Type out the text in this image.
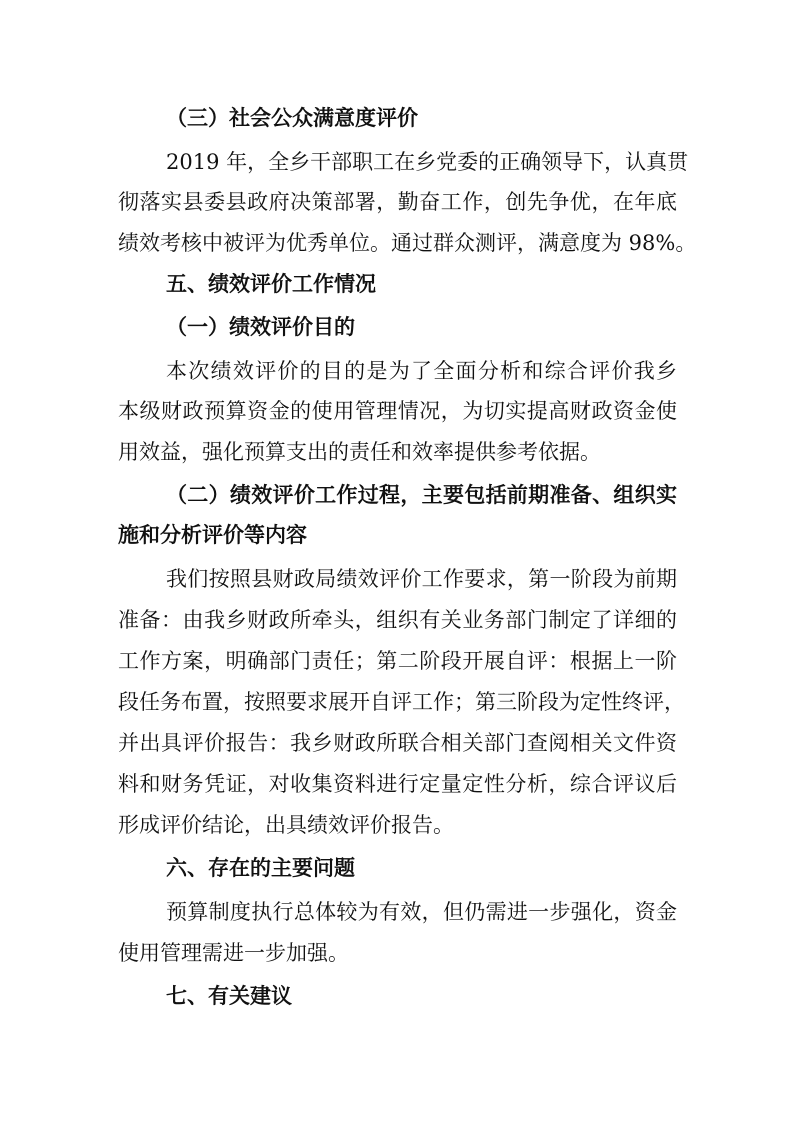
（三）社会公众满意度评价
2019 年，全乡干部职工在乡党委的正确领导下，认真贯
彻落实县委县政府决策部署，勤奋工作，创先争优，在年底
绩效考核中被评为优秀单位。通过群众测评，满意度为 98%。
五、绩效评价工作情况
（一）绩效评价目的
本次绩效评价的目的是为了全面分析和综合评价我乡
本级财政预算资金的使用管理情况，为切实提高财政资金使
用效益，强化预算支出的责任和效率提供参考依据。
（二）绩效评价工作过程，主要包括前期准备、组织实
施和分析评价等内容
我们按照县财政局绩效评价工作要求，第一阶段为前期
准备：由我乡财政所牵头，组织有关业务部门制定了详细的
工作方案，明确部门责任；第二阶段开展自评：根据上一阶
段任务布置，按照要求展开自评工作；第三阶段为定性终评，
并出具评价报告：我乡财政所联合相关部门查阅相关文件资
料和财务凭证，对收集资料进行定量定性分析，综合评议后
形成评价结论，出具绩效评价报告。
六、存在的主要问题
预算制度执行总体较为有效，但仍需进一步强化，资金
使用管理需进一步加强。
七、有关建议
